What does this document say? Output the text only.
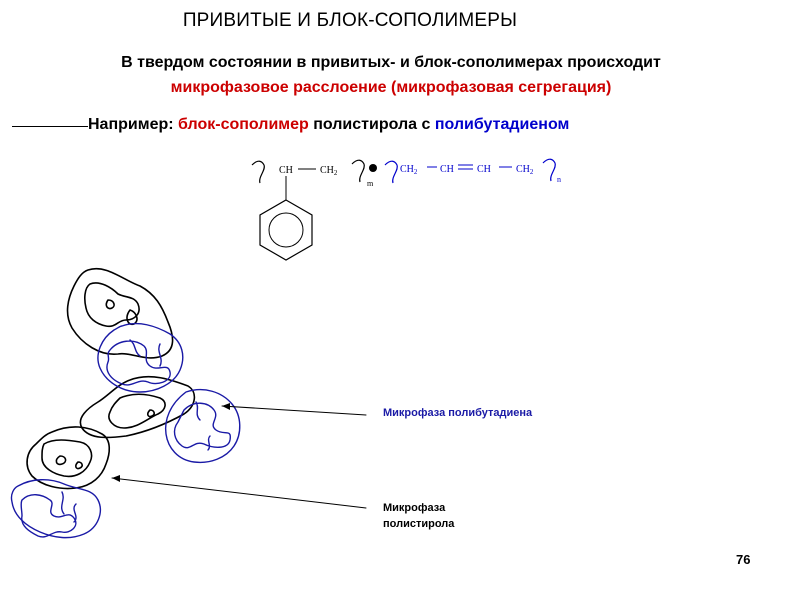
ПРИВИТЫЕ И БЛОК-СОПОЛИМЕРЫ
В твердом состоянии в привитых- и блок-сополимерах происходит
микрофазовое расслоение (микрофазовая сегрегация)
Например: блок-сополимер полистирола с полибутадиеном
CH	$CH_2$
m
$CH_2$ CH CH	$CH_2$
n
Микрофаза полибутадиена
Микрофаза
полистирола
76
